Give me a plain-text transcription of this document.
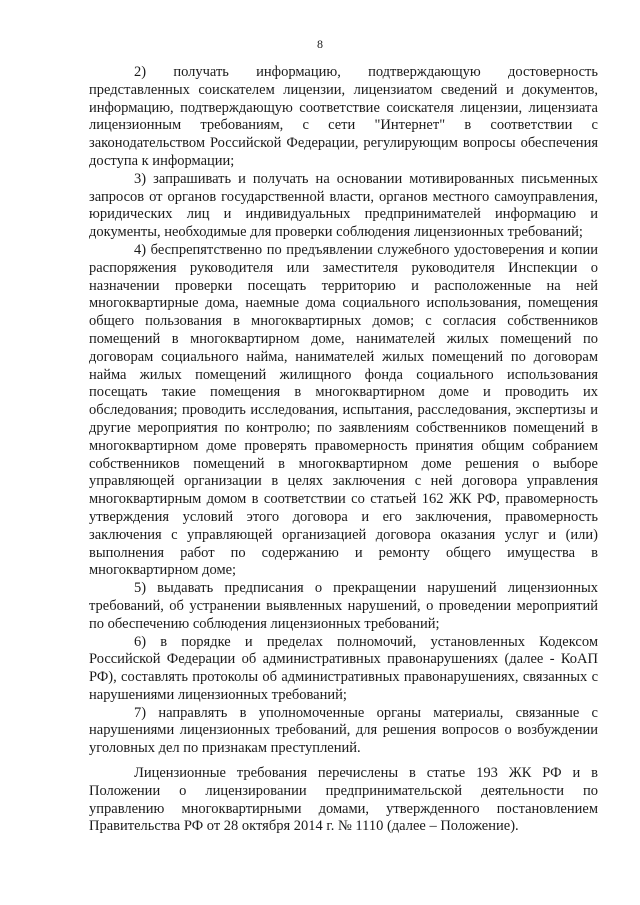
8

2) получать информацию, подтверждающую достоверность представленных соискателем лицензии, лицензиатом сведений и документов, информацию, подтверждающую соответствие соискателя лицензии, лицензиата лицензионным требованиям, с сети "Интернет" в соответствии с законодательством Российской Федерации, регулирующим вопросы обеспечения доступа к информации;

3) запрашивать и получать на основании мотивированных письменных запросов от органов государственной власти, органов местного самоуправления, юридических лиц и индивидуальных предпринимателей информацию и документы, необходимые для проверки соблюдения лицензионных требований;

4) беспрепятственно по предъявлении служебного удостоверения и копии распоряжения руководителя или заместителя руководителя Инспекции о назначении проверки посещать территорию и расположенные на ней многоквартирные дома, наемные дома социального использования, помещения общего пользования в многоквартирных домов; с согласия собственников помещений в многоквартирном доме, нанимателей жилых помещений по договорам социального найма, нанимателей жилых помещений по договорам найма жилых помещений жилищного фонда социального использования посещать такие помещения в многоквартирном доме и проводить их обследования; проводить исследования, испытания, расследования, экспертизы и другие мероприятия по контролю; по заявлениям собственников помещений в многоквартирном доме проверять правомерность принятия общим собранием собственников помещений в многоквартирном доме решения о выборе управляющей организации в целях заключения с ней договора управления многоквартирным домом в соответствии со статьей 162 ЖК РФ, правомерность утверждения условий этого договора и его заключения, правомерность заключения с управляющей организацией договора оказания услуг и (или) выполнения работ по содержанию и ремонту общего имущества в многоквартирном доме;

5) выдавать предписания о прекращении нарушений лицензионных требований, об устранении выявленных нарушений, о проведении мероприятий по обеспечению соблюдения лицензионных требований;

6) в порядке и пределах полномочий, установленных Кодексом Российской Федерации об административных правонарушениях (далее - КоАП РФ), составлять протоколы об административных правонарушениях, связанных с нарушениями лицензионных требований;

7) направлять в уполномоченные органы материалы, связанные с нарушениями лицензионных требований, для решения вопросов о возбуждении уголовных дел по признакам преступлений.

Лицензионные требования перечислены в статье 193 ЖК РФ и в Положении о лицензировании предпринимательской деятельности по управлению многоквартирными домами, утвержденного постановлением Правительства РФ от 28 октября 2014 г. № 1110 (далее – Положение).
